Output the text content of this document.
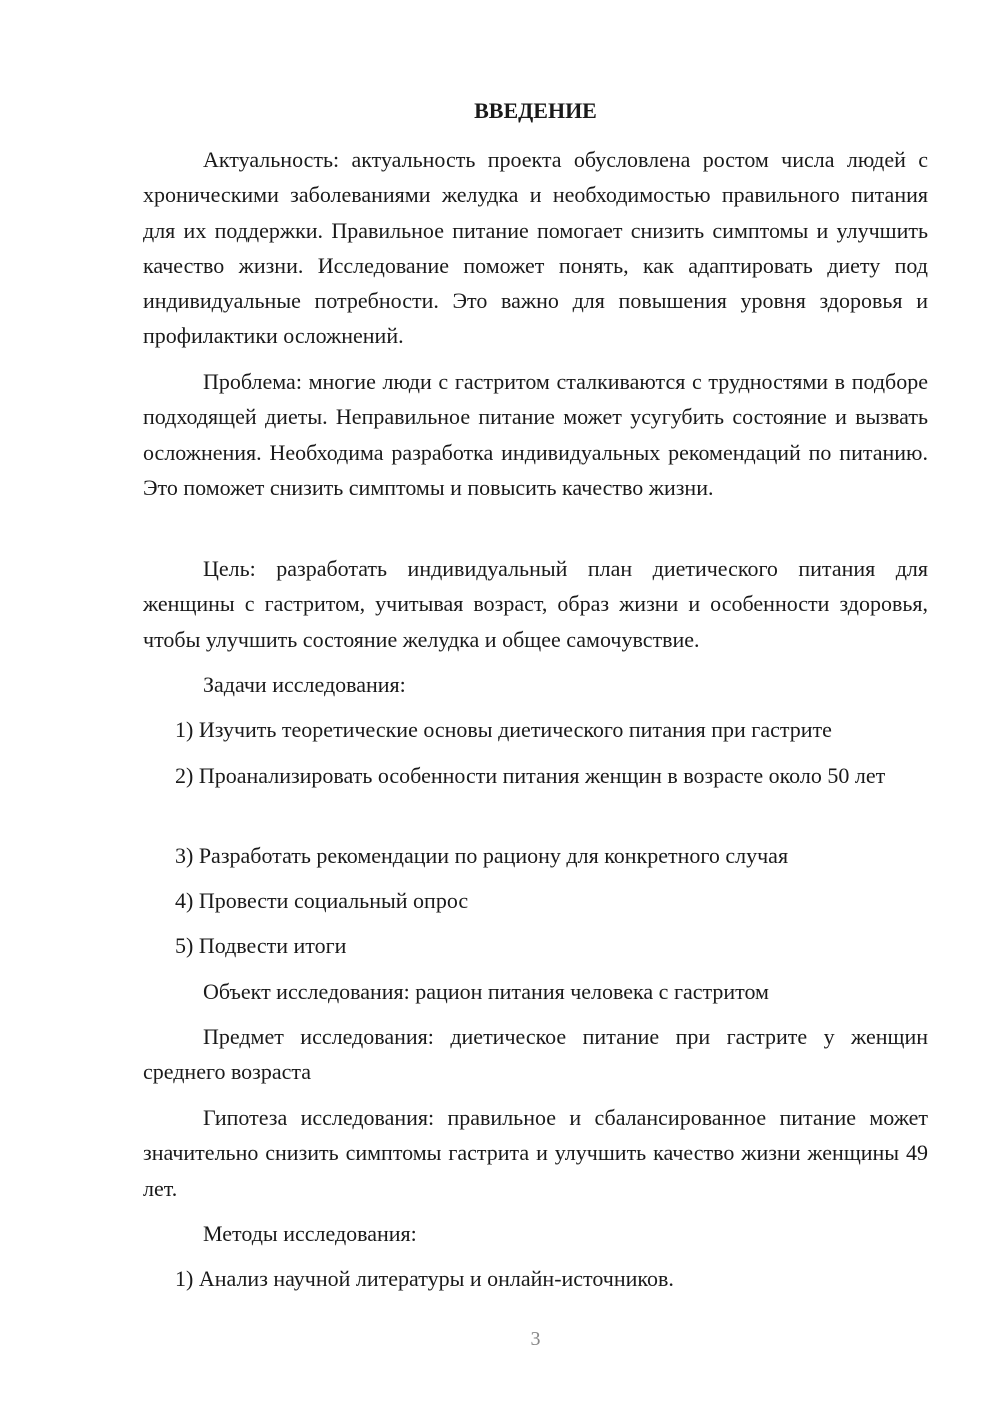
ВВЕДЕНИЕ
Актуальность: актуальность проекта обусловлена ростом числа людей с хроническими заболеваниями желудка и необходимостью правильного питания для их поддержки. Правильное питание помогает снизить симптомы и улучшить качество жизни. Исследование поможет понять, как адаптировать диету под индивидуальные потребности. Это важно для повышения уровня здоровья и профилактики осложнений.
Проблема: многие люди с гастритом сталкиваются с трудностями в подборе подходящей диеты. Неправильное питание может усугубить состояние и вызвать осложнения. Необходима разработка индивидуальных рекомендаций по питанию. Это поможет снизить симптомы и повысить качество жизни.
Цель: разработать индивидуальный план диетического питания для женщины с гастритом, учитывая возраст, образ жизни и особенности здоровья, чтобы улучшить состояние желудка и общее самочувствие.
Задачи исследования:
1) Изучить теоретические основы диетического питания при гастрите
2) Проанализировать особенности питания женщин в возрасте около 50 лет
3) Разработать рекомендации по рациону для конкретного случая
4) Провести социальный опрос
5) Подвести итоги
Объект исследования: рацион питания человека с гастритом
Предмет исследования: диетическое питание при гастрите у женщин среднего возраста
Гипотеза исследования: правильное и сбалансированное питание может значительно снизить симптомы гастрита и улучшить качество жизни женщины 49 лет.
Методы исследования:
1) Анализ научной литературы и онлайн-источников.
3
